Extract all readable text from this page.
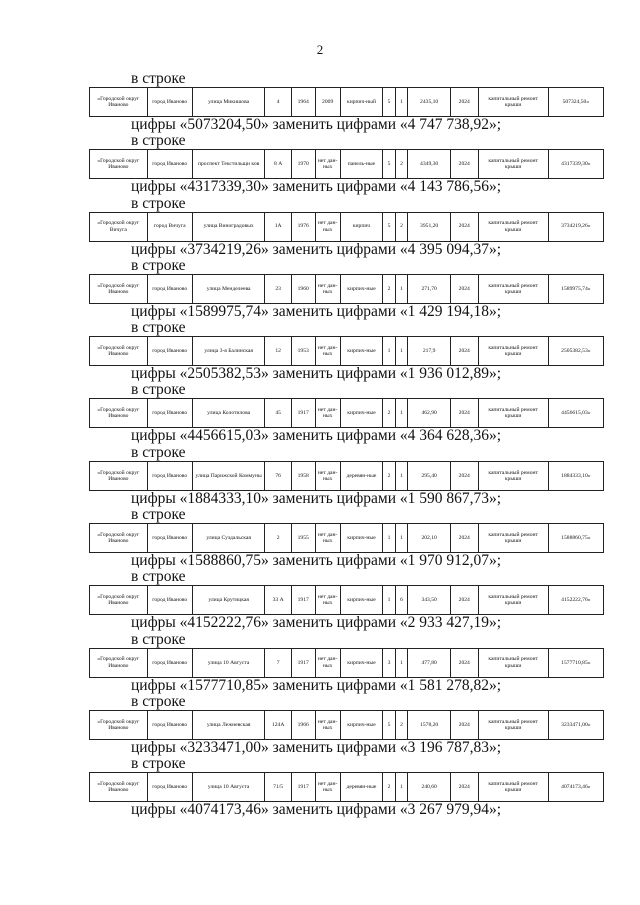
2
в строке
«Городской округ Иваново	город Иваново	улица Микишова	4	1964	2009	кирпич-ный	5	1	2435,10	2024	капитальный ремонт крыши	507324,50»
цифры «5073204,50» заменить цифрами «4 747 738,92»;
в строке
«Городской округ Иваново	город Иваново	проспект Текстильщи ков	8 А	1970	нет дан-ных	панель-ные	5	2	4349,30	2024	капитальный ремонт крыши	4317339,30»
цифры «4317339,30» заменить цифрами «4 143 786,56»;
в строке
«Городской округ Вичуга	город Вичуга	улица Виноградовых	1А	1976	нет дан-ных	кирпич	5	2	3951,20	2024	капитальный ремонт крыши	3734219,26»
цифры «3734219,26» заменить цифрами «4 395 094,37»;
в строке
«Городской округ Иваново	город Иваново	улица Менделеева	23	1960	нет дан-ных	кирпич-ные	2	1	271,70	2024	капитальный ремонт крыши	1589975,74»
цифры «1589975,74» заменить цифрами «1 429 194,18»;
в строке
«Городской округ Иваново	город Иваново	улица 3-я Балинская	12	1953	нет дан-ных	кирпич-ные	1	1	217,9	2024	капитальный ремонт крыши	2505382,53»
цифры «2505382,53» заменить цифрами «1 936 012,89»;
в строке
«Городской округ Иваново	город Иваново	улица Колотилова	45	1917	нет дан-ных	кирпич-ные	2	1	462,90	2024	капитальный ремонт крыши	4456615,03»
цифры «4456615,03» заменить цифрами «4 364 628,36»;
в строке
«Городской округ Иваново	город Иваново	улица Парижской Коммуны	76	1958	нет дан-ных	деревян-ные	2	1	295,40	2024	капитальный ремонт крыши	1884333,10»
цифры «1884333,10» заменить цифрами «1 590 867,73»;
в строке
«Городской округ Иваново	город Иваново	улица Суздальская	2	1955	нет дан-ных	кирпич-ные	1	1	202,10	2024	капитальный ремонт крыши	1588860,75»
цифры «1588860,75» заменить цифрами «1 970 912,07»;
в строке
«Городской округ Иваново	город Иваново	улица Крутицкая	33 А	1917	нет дан-ных	кирпич-ные	1	6	343,50	2024	капитальный ремонт крыши	4152222,76»
цифры «4152222,76» заменить цифрами «2 933 427,19»;
в строке
«Городской округ Иваново	город Иваново	улица 10 Августа	7	1917	нет дан-ных	кирпич-ные	3	1	477,80	2024	капитальный ремонт крыши	1577710,85»
цифры «1577710,85» заменить цифрами «1 581 278,82»;
в строке
«Городской округ Иваново	город Иваново	улица Лежневская	124А	1966	нет дан-ных	кирпич-ные	5	2	1578,20	2024	капитальный ремонт крыши	3233471,00»
цифры «3233471,00» заменить цифрами «3 196 787,83»;
в строке
«Городской округ Иваново	город Иваново	улица 10 Августа	71/5	1917	нет дан-ных	деревян-ные	2	1	240,60	2024	капитальный ремонт крыши	4074173,46»
цифры «4074173,46» заменить цифрами «3 267 979,94»;
